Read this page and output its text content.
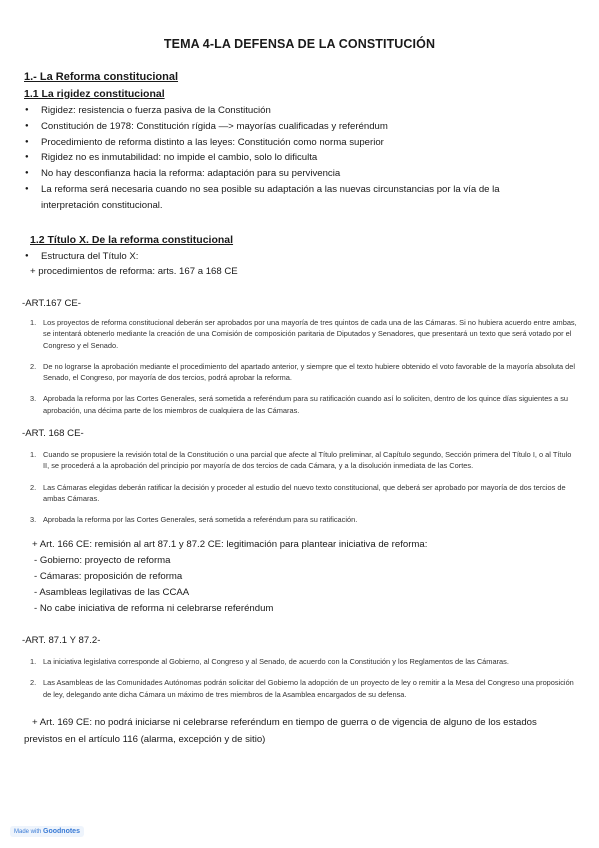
TEMA 4-LA DEFENSA DE LA CONSTITUCIÓN
1.- La Reforma constitucional
1.1 La rigidez constitucional
● Rigidez: resistencia o fuerza pasiva de la Constitución
● Constitución de 1978: Constitución rígida —> mayorías cualificadas y referéndum
● Procedimiento de reforma distinto a las leyes: Constitución como norma superior
● Rigidez no es inmutabilidad: no impide el cambio, solo lo dificulta
● No hay desconfianza hacia la reforma: adaptación para su pervivencia
● La reforma será necesaria cuando no sea posible su adaptación a las nuevas circunstancias por la vía de la interpretación constitucional.
1.2 Título X. De la reforma constitucional
● Estructura del Título X:
+ procedimientos de reforma: arts. 167 a 168 CE
-ART.167 CE-
1. Los proyectos de reforma constitucional deberán ser aprobados por una mayoría de tres quintos de cada una de las Cámaras. Si no hubiera acuerdo entre ambas, se intentará obtenerlo mediante la creación de una Comisión de composición paritaria de Diputados y Senadores, que presentará un texto que será votado por el Congreso y el Senado.
2. De no lograrse la aprobación mediante el procedimiento del apartado anterior, y siempre que el texto hubiere obtenido el voto favorable de la mayoría absoluta del Senado, el Congreso, por mayoría de dos tercios, podrá aprobar la reforma.
3. Aprobada la reforma por las Cortes Generales, será sometida a referéndum para su ratificación cuando así lo soliciten, dentro de los quince días siguientes a su aprobación, una décima parte de los miembros de cualquiera de las Cámaras.
-ART. 168 CE-
1. Cuando se propusiere la revisión total de la Constitución o una parcial que afecte al Título preliminar, al Capítulo segundo, Sección primera del Título I, o al Título II, se procederá a la aprobación del principio por mayoría de dos tercios de cada Cámara, y a la disolución inmediata de las Cortes.
2. Las Cámaras elegidas deberán ratificar la decisión y proceder al estudio del nuevo texto constitucional, que deberá ser aprobado por mayoría de dos tercios de ambas Cámaras.
3. Aprobada la reforma por las Cortes Generales, será sometida a referéndum para su ratificación.
+ Art. 166 CE: remisión al art 87.1 y 87.2 CE: legitimación para plantear iniciativa de reforma:
- Gobierno: proyecto de reforma
- Cámaras: proposición de reforma
- Asambleas legilativas de las CCAA
- No cabe iniciativa de reforma ni celebrarse referéndum
-ART. 87.1 Y 87.2-
1. La iniciativa legislativa corresponde al Gobierno, al Congreso y al Senado, de acuerdo con la Constitución y los Reglamentos de las Cámaras.
2. Las Asambleas de las Comunidades Autónomas podrán solicitar del Gobierno la adopción de un proyecto de ley o remitir a la Mesa del Congreso una proposición de ley, delegando ante dicha Cámara un máximo de tres miembros de la Asamblea encargados de su defensa.
+ Art. 169 CE: no podrá iniciarse ni celebrarse referéndum en tiempo de guerra o de vigencia de alguno de los estados
previstos en el artículo 116 (alarma, excepción y de sitio)
Made with Goodnotes
